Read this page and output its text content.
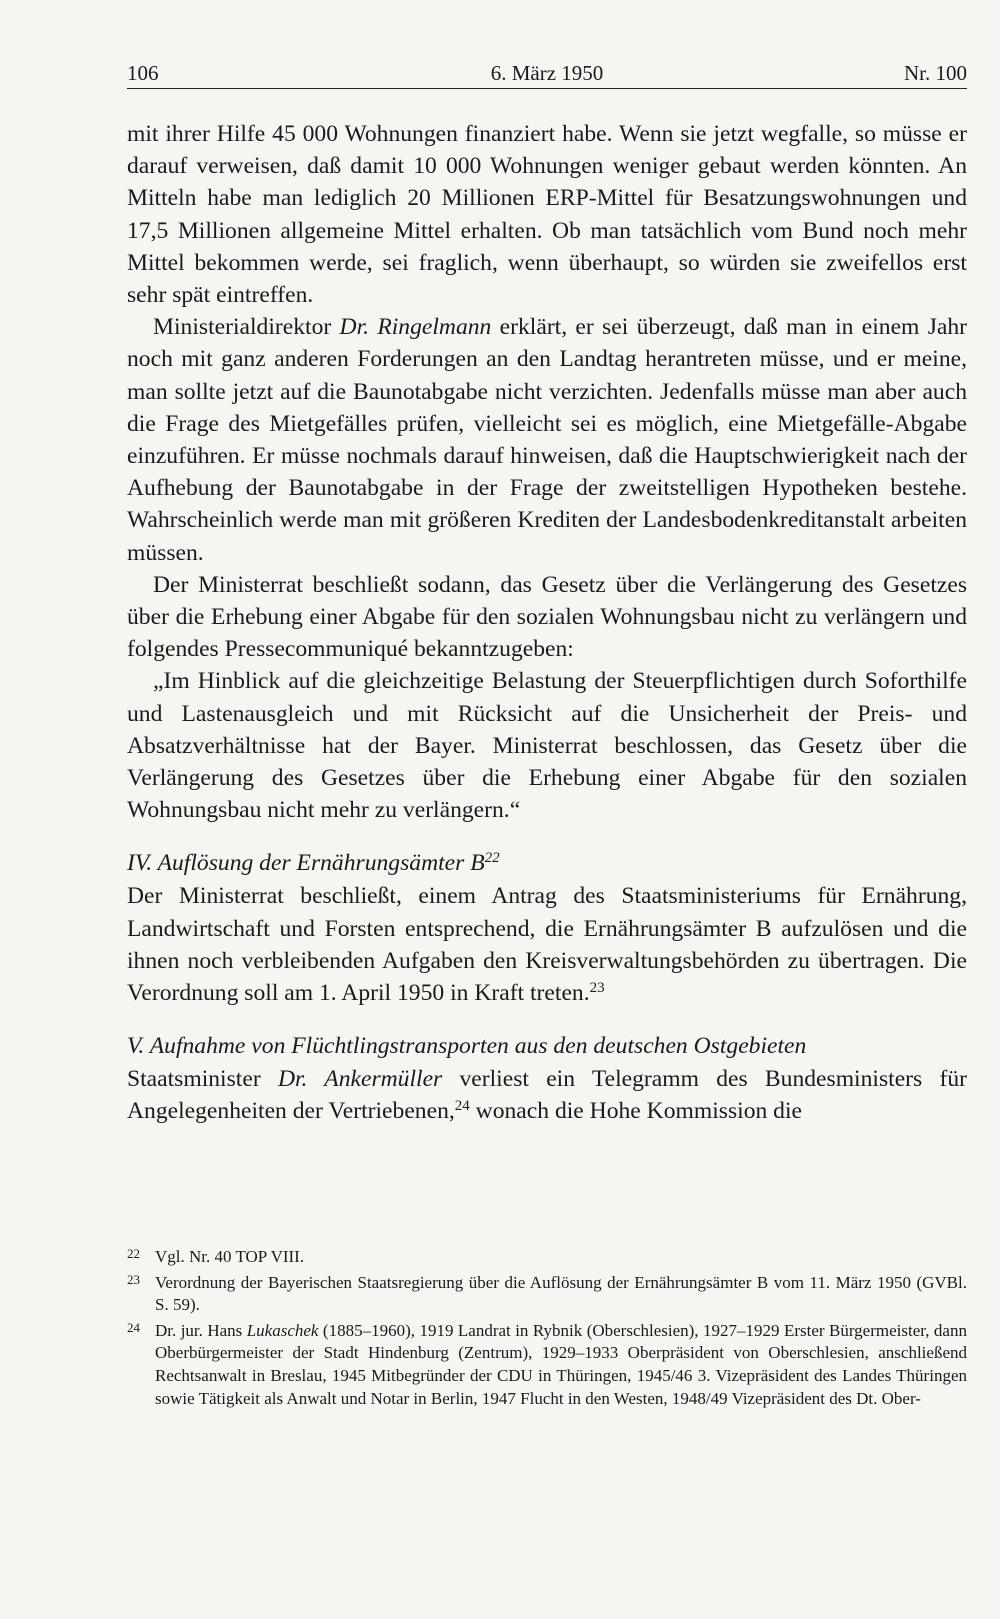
106	6. März 1950	Nr. 100

mit ihrer Hilfe 45 000 Wohnungen finanziert habe. Wenn sie jetzt wegfalle, so müsse er darauf verweisen, daß damit 10 000 Wohnungen weniger gebaut werden könnten. An Mitteln habe man lediglich 20 Millionen ERP-Mittel für Besatzungswohnungen und 17,5 Millionen allgemeine Mittel erhalten. Ob man tatsächlich vom Bund noch mehr Mittel bekommen werde, sei fraglich, wenn überhaupt, so würden sie zweifellos erst sehr spät eintreffen.

Ministerialdirektor Dr. Ringelmann erklärt, er sei überzeugt, daß man in einem Jahr noch mit ganz anderen Forderungen an den Landtag herantreten müsse, und er meine, man sollte jetzt auf die Baunotabgabe nicht verzichten. Jedenfalls müsse man aber auch die Frage des Mietgefälles prüfen, vielleicht sei es möglich, eine Mietgefälle-Abgabe einzuführen. Er müsse nochmals darauf hinweisen, daß die Hauptschwierigkeit nach der Aufhebung der Baunotabgabe in der Frage der zweitstelligen Hypotheken bestehe. Wahrscheinlich werde man mit größeren Krediten der Landesbodenkreditanstalt arbeiten müssen.

Der Ministerrat beschließt sodann, das Gesetz über die Verlängerung des Gesetzes über die Erhebung einer Abgabe für den sozialen Wohnungsbau nicht zu verlängern und folgendes Pressecommuniqué bekanntzugeben:

„Im Hinblick auf die gleichzeitige Belastung der Steuerpflichtigen durch Soforthilfe und Lastenausgleich und mit Rücksicht auf die Unsicherheit der Preis- und Absatzverhältnisse hat der Bayer. Ministerrat beschlossen, das Gesetz über die Verlängerung des Gesetzes über die Erhebung einer Abgabe für den sozialen Wohnungsbau nicht mehr zu verlängern.“

IV. Auflösung der Ernährungsämter $B^{22}$

Der Ministerrat beschließt, einem Antrag des Staatsministeriums für Ernährung, Landwirtschaft und Forsten entsprechend, die Ernährungsämter B aufzulösen und die ihnen noch verbleibenden Aufgaben den Kreisverwaltungsbehörden zu übertragen. Die Verordnung soll am 1. April 1950 in Kraft treten.$^{23}$

V. Aufnahme von Flüchtlingstransporten aus den deutschen Ostgebieten

Staatsminister Dr. Ankermüller verliest ein Telegramm des Bundesministers für Angelegenheiten der Vertriebenen,$^{24}$ wonach die Hohe Kommission die

22 Vgl. Nr. 40 TOP VIII.
23 Verordnung der Bayerischen Staatsregierung über die Auflösung der Ernährungsämter B vom 11. März 1950 (GVBl. S. 59).
24 Dr. jur. Hans Lukaschek (1885–1960), 1919 Landrat in Rybnik (Oberschlesien), 1927–1929 Erster Bürgermeister, dann Oberbürgermeister der Stadt Hindenburg (Zentrum), 1929–1933 Oberpräsident von Oberschlesien, anschließend Rechtsanwalt in Breslau, 1945 Mitbegründer der CDU in Thüringen, 1945/46 3. Vizepräsident des Landes Thüringen sowie Tätigkeit als Anwalt und Notar in Berlin, 1947 Flucht in den Westen, 1948/49 Vizepräsident des Dt. Ober-
